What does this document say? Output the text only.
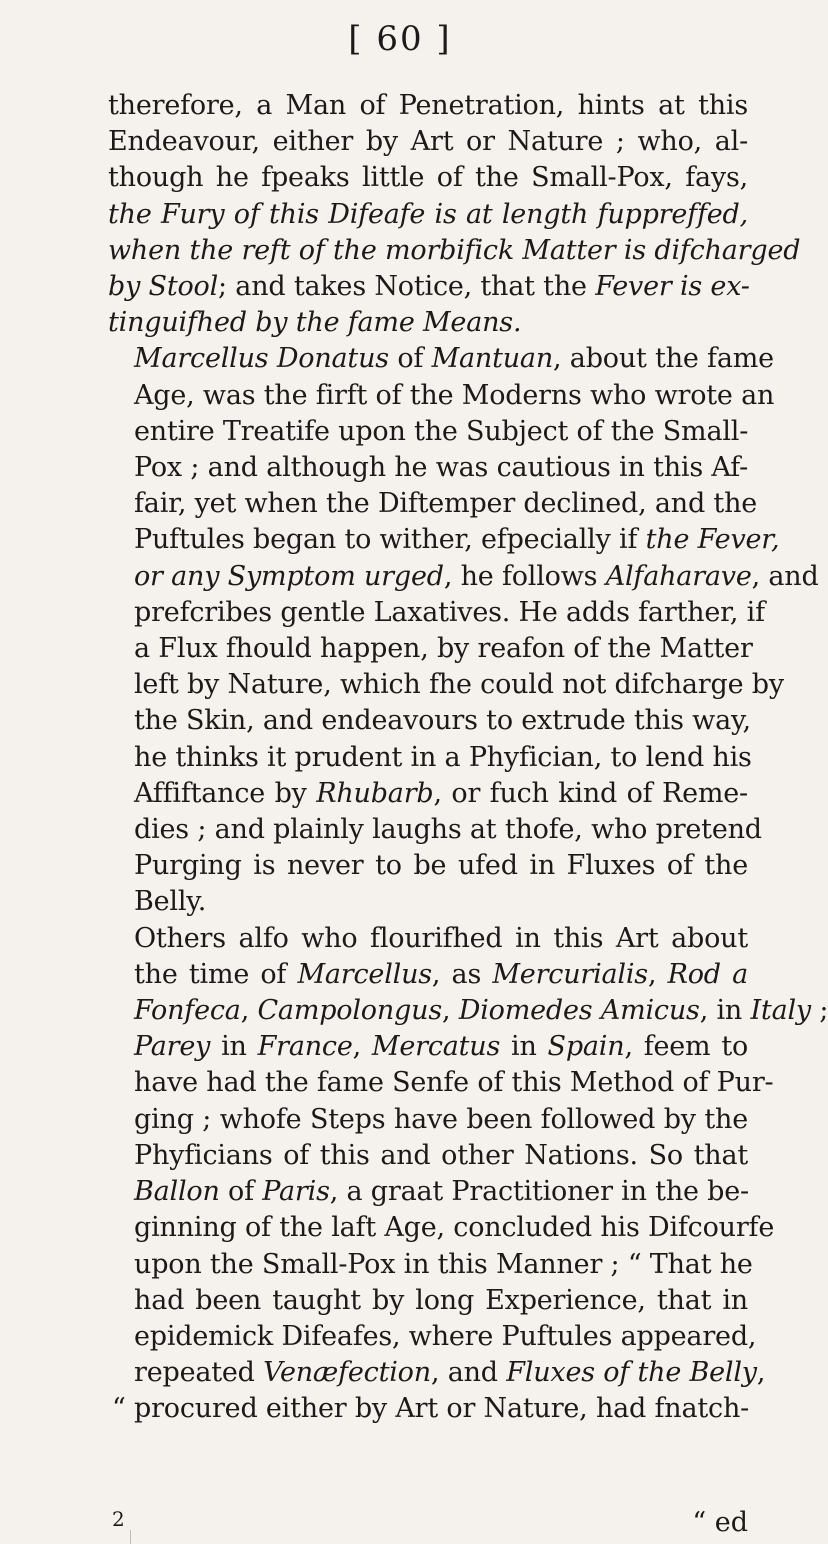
[ 60 ]

therefore, a Man of Penetration, hints at this
Endeavour, either by Art or Nature ; who, al-
though he fpeaks little of the Small-Pox, fays,
the Fury of this Difeafe is at length fuppreffed,
when the reft of the morbifick Matter is difcharged
by Stool; and takes Notice, that the Fever is ex-
tinguifhed by the fame Means.

Marcellus Donatus of Mantuan, about the fame
Age, was the firft of the Moderns who wrote an
entire Treatife upon the Subject of the Small-
Pox ; and although he was cautious in this Af-
fair, yet when the Diftemper declined, and the
Puftules began to wither, efpecially if the Fever,
or any Symptom urged, he follows Alfaharave, and
prefcribes gentle Laxatives. He adds farther, if
a Flux fhould happen, by reafon of the Matter
left by Nature, which fhe could not difcharge by
the Skin, and endeavours to extrude this way,
he thinks it prudent in a Phyfician, to lend his
Affiftance by Rhubarb, or fuch kind of Reme-
dies ; and plainly laughs at thofe, who pretend
Purging is never to be ufed in Fluxes of the
Belly.

Others alfo who flourifhed in this Art about
the time of Marcellus, as Mercurialis, Rod a
Fonfeca, Campolongus, Diomedes Amicus, in Italy ;
Parey in France, Mercatus in Spain, feem to
have had the fame Senfe of this Method of Pur-
ging ; whofe Steps have been followed by the
Phyficians of this and other Nations. So that
Ballon of Paris, a graat Practitioner in the be-
ginning of the laft Age, concluded his Difcourfe
upon the Small-Pox in this Manner ; “ That he
had been taught by long Experience, that in
epidemick Difeafes, where Puftules appeared,
repeated Venæfection, and Fluxes of the Belly,
“ procured either by Art or Nature, had fnatch-

2	“ ed
